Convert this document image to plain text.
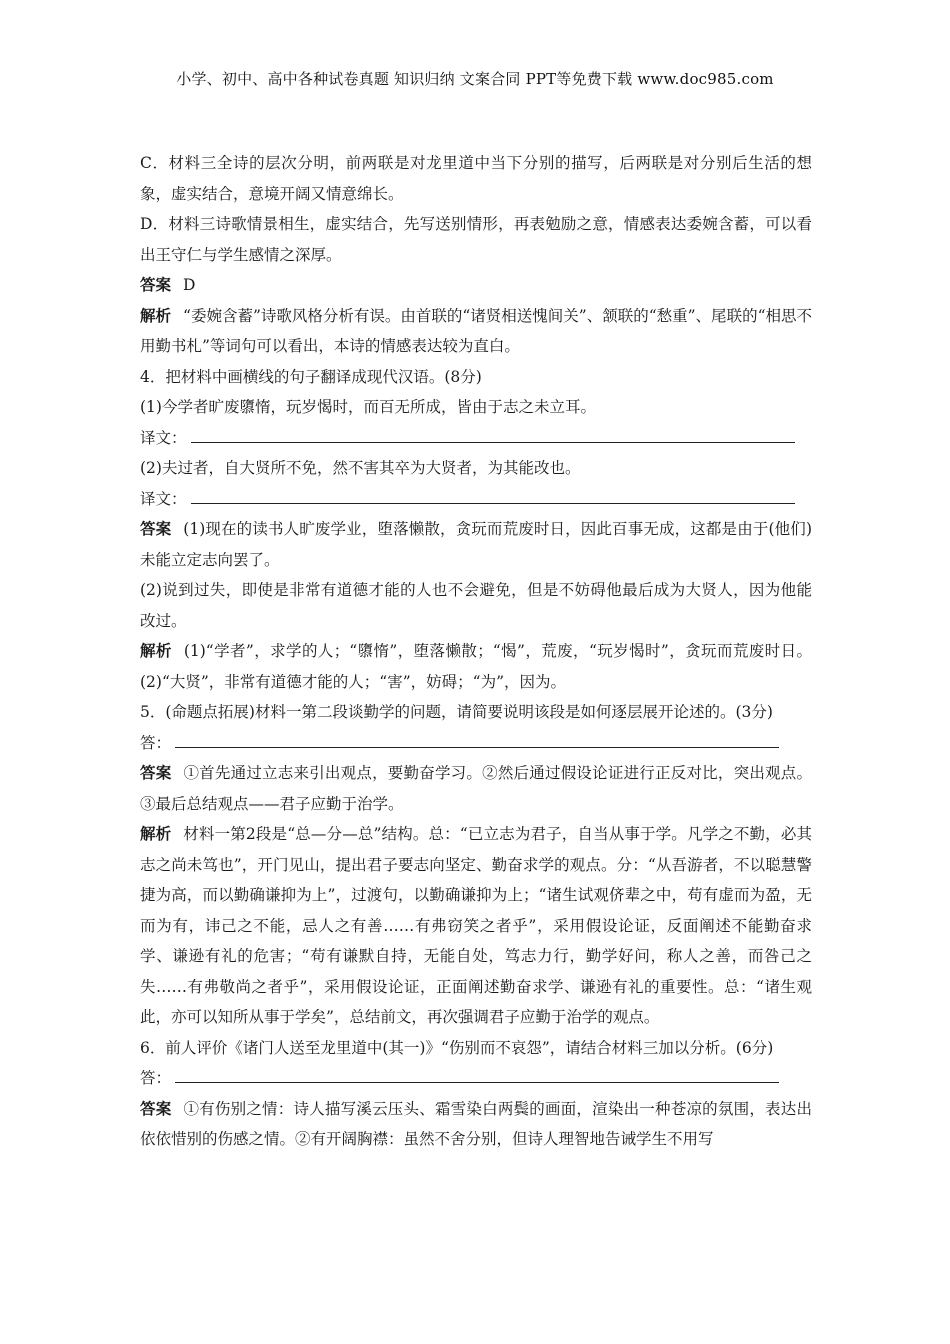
小学、初中、高中各种试卷真题 知识归纳 文案合同 PPT等免费下载 www.doc985.com

C．材料三全诗的层次分明，前两联是对龙里道中当下分别的描写，后两联是对分别后生活的想象，虚实结合，意境开阔又情意绵长。

D．材料三诗歌情景相生，虚实结合，先写送别情形，再表勉励之意，情感表达委婉含蓄，可以看出王守仁与学生感情之深厚。

答案 D

解析 “委婉含蓄”诗歌风格分析有误。由首联的“诸贤相送愧间关”、颔联的“愁重”、尾联的“相思不用勤书札”等词句可以看出，本诗的情感表达较为直白。

4．把材料中画横线的句子翻译成现代汉语。(8分)

(1)今学者旷废隳惰，玩岁愒时，而百无所成，皆由于志之未立耳。

译文：

(2)夫过者，自大贤所不免，然不害其卒为大贤者，为其能改也。

译文：

答案 (1)现在的读书人旷废学业，堕落懒散，贪玩而荒废时日，因此百事无成，这都是由于(他们)未能立定志向罢了。

(2)说到过失，即使是非常有道德才能的人也不会避免，但是不妨碍他最后成为大贤人，因为他能改过。

解析 (1)“学者”，求学的人；“隳惰”，堕落懒散；“愒”，荒废，“玩岁愒时”，贪玩而荒废时日。(2)“大贤”，非常有道德才能的人；“害”，妨碍；“为”，因为。

5．(命题点拓展)材料一第二段谈勤学的问题，请简要说明该段是如何逐层展开论述的。(3分)

答：

答案 ①首先通过立志来引出观点，要勤奋学习。②然后通过假设论证进行正反对比，突出观点。③最后总结观点——君子应勤于治学。

解析 材料一第2段是“总—分—总”结构。总：“已立志为君子，自当从事于学。凡学之不勤，必其志之尚未笃也”，开门见山，提出君子要志向坚定、勤奋求学的观点。分：“从吾游者，不以聪慧警捷为高，而以勤确谦抑为上”，过渡句，以勤确谦抑为上；“诸生试观侪辈之中，苟有虚而为盈，无而为有，讳己之不能，忌人之有善……有弗窃笑之者乎”，采用假设论证，反面阐述不能勤奋求学、谦逊有礼的危害；“苟有谦默自持，无能自处，笃志力行，勤学好问，称人之善，而咎己之失……有弗敬尚之者乎”，采用假设论证，正面阐述勤奋求学、谦逊有礼的重要性。总：“诸生观此，亦可以知所从事于学矣”，总结前文，再次强调君子应勤于治学的观点。

6．前人评价《诸门人送至龙里道中(其一)》“伤别而不哀怨”，请结合材料三加以分析。(6分)

答：

答案 ①有伤别之情：诗人描写溪云压头、霜雪染白两鬓的画面，渲染出一种苍凉的氛围，表达出依依惜别的伤感之情。②有开阔胸襟：虽然不舍分别，但诗人理智地告诫学生不用写
